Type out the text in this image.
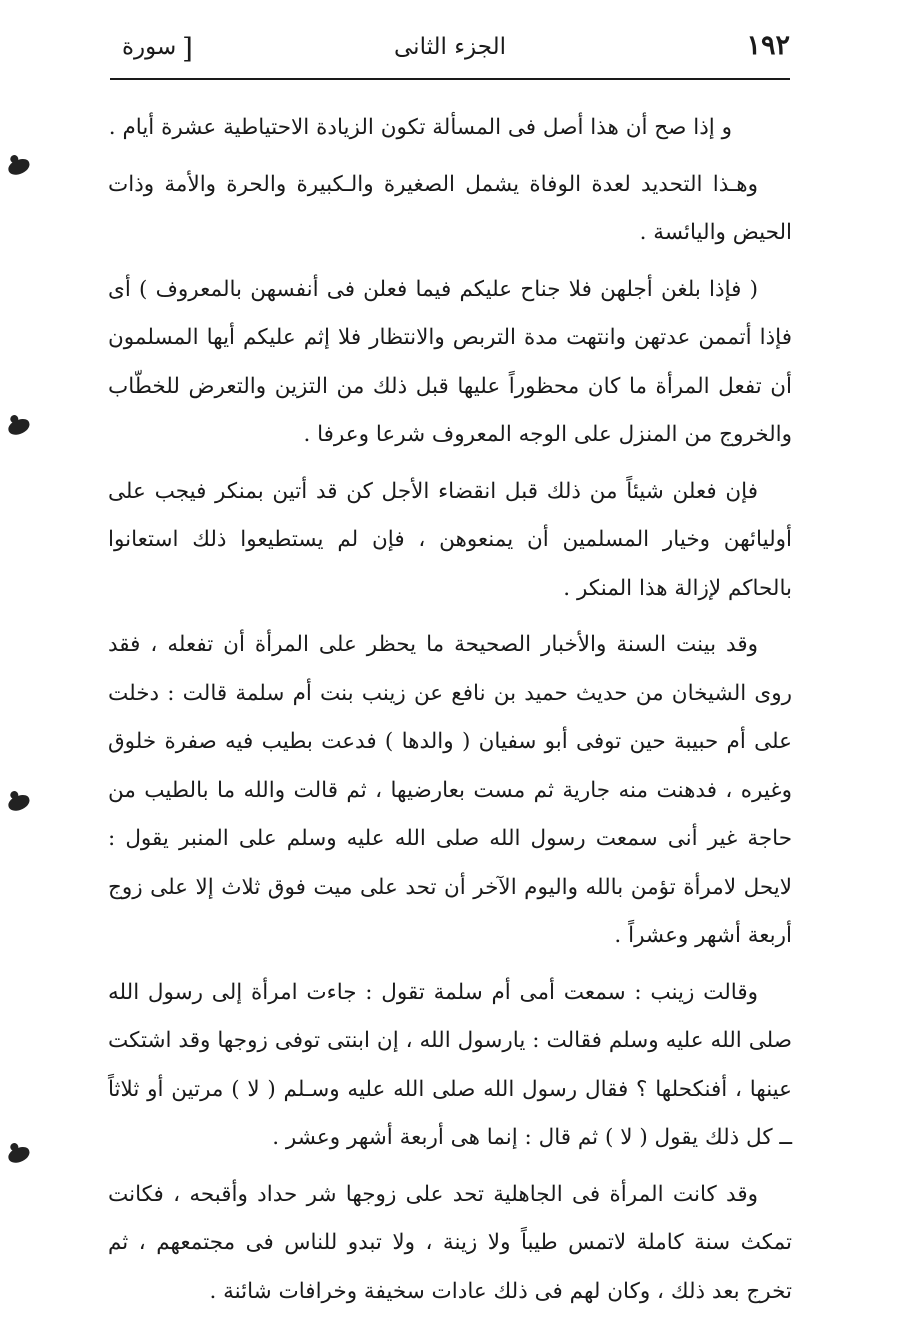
١٩٢
الجزء الثانى
[
سورة

و إذا صح أن هذا أصل فى المسألة تكون الزيادة الاحتياطية عشرة أيام .

وهـذا التحديد لعدة الوفاة يشمل الصغيرة والـكبيرة والحرة والأمة وذات الحيض واليائسة .

( فإذا بلغن أجلهن فلا جناح عليكم فيما فعلن فى أنفسهن بالمعروف ) أى فإذا أتممن عدتهن وانتهت مدة التربص والانتظار فلا إثم عليكم أيها المسلمون أن تفعل المرأة ما كان محظوراً عليها قبل ذلك من التزين والتعرض للخطّاب والخروج من المنزل على الوجه المعروف شرعا وعرفا .

فإن فعلن شيئاً من ذلك قبل انقضاء الأجل كن قد أتين بمنكر فيجب على أوليائهن وخيار المسلمين أن يمنعوهن ، فإن لم يستطيعوا ذلك استعانوا بالحاكم لإزالة هذا المنكر .

وقد بينت السنة والأخبار الصحيحة ما يحظر على المرأة أن تفعله ، فقد روى الشيخان من حديث حميد بن نافع عن زينب بنت أم سلمة قالت : دخلت على أم حبيبة حين توفى أبو سفيان ( والدها ) فدعت بطيب فيه صفرة خلوق وغيره ، فدهنت منه جارية ثم مست بعارضيها ، ثم قالت والله ما بالطيب من حاجة غير أنى سمعت رسول الله صلى الله عليه وسلم على المنبر يقول : لايحل لامرأة تؤمن بالله واليوم الآخر أن تحد على ميت فوق ثلاث إلا على زوج أربعة أشهر وعشراً .

وقالت زينب : سمعت أمى أم سلمة تقول : جاءت امرأة إلى رسول الله صلى الله عليه وسلم فقالت : يارسول الله ، إن ابنتى توفى زوجها وقد اشتكت عينها ، أفنكحلها ؟ فقال رسول الله صلى الله عليه وسـلم ( لا ) مرتين أو ثلاثاً ــ كل ذلك يقول ( لا ) ثم قال : إنما هى أربعة أشهر وعشر .

وقد كانت المرأة فى الجاهلية تحد على زوجها شر حداد وأقبحه ، فكانت تمكث سنة كاملة لاتمس طيباً ولا زينة ، ولا تبدو للناس فى مجتمعهم ، ثم تخرج بعد ذلك ، وكان لهم فى ذلك عادات سخيفة وخرافات شائنة .
